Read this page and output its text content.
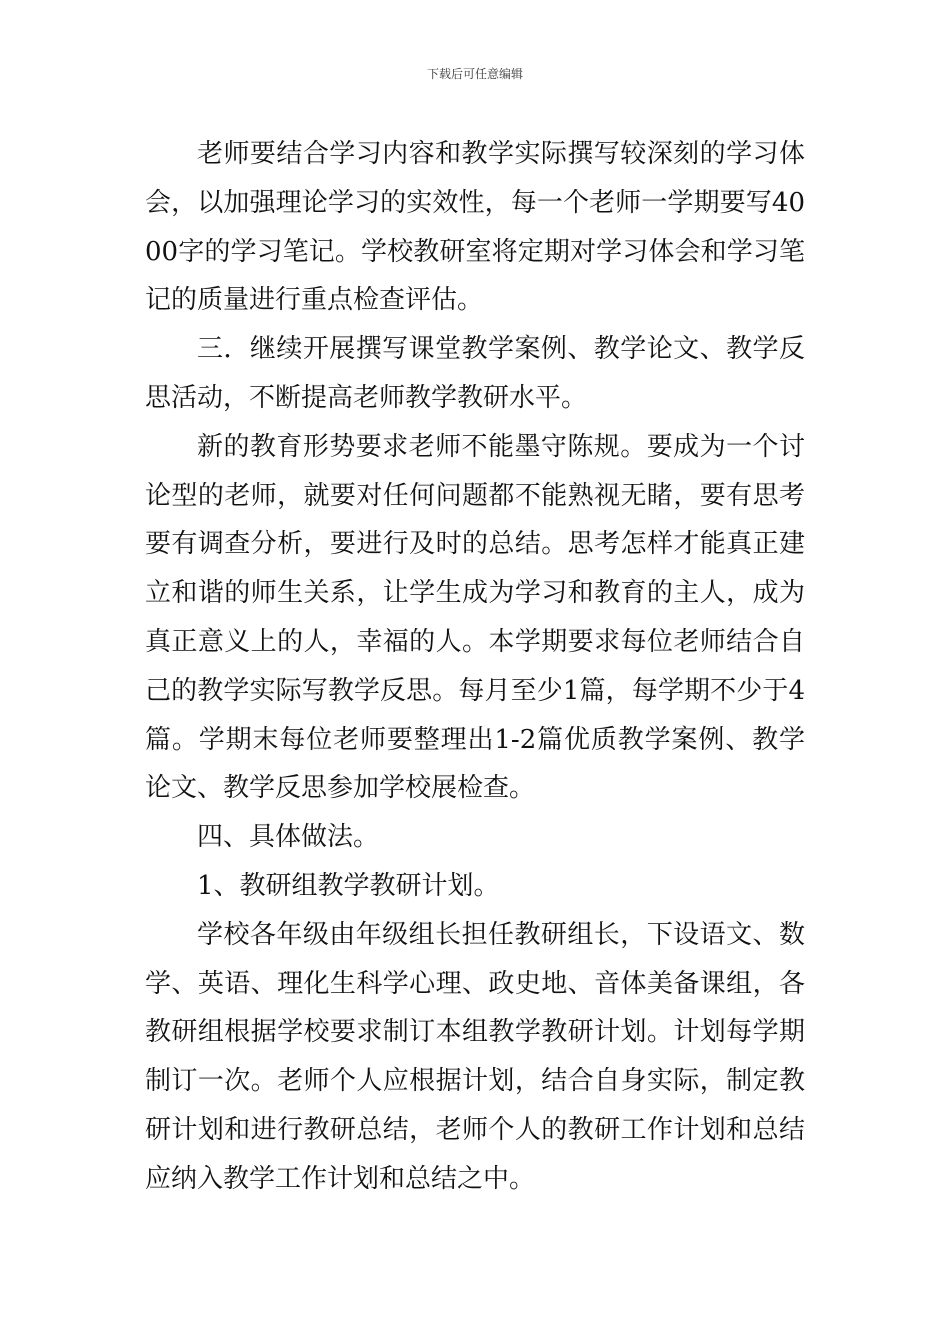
下载后可任意编辑

老师要结合学习内容和教学实际撰写较深刻的学习体会，以加强理论学习的实效性，每一个老师一学期要写4000字的学习笔记。学校教研室将定期对学习体会和学习笔记的质量进行重点检查评估。

三．继续开展撰写课堂教学案例、教学论文、教学反思活动，不断提高老师教学教研水平。

新的教育形势要求老师不能墨守陈规。要成为一个讨论型的老师，就要对任何问题都不能熟视无睹，要有思考要有调查分析，要进行及时的总结。思考怎样才能真正建立和谐的师生关系，让学生成为学习和教育的主人，成为真正意义上的人，幸福的人。本学期要求每位老师结合自己的教学实际写教学反思。每月至少1篇，每学期不少于4篇。学期末每位老师要整理出1-2篇优质教学案例、教学论文、教学反思参加学校展检查。

四、具体做法。

1、教研组教学教研计划。

学校各年级由年级组长担任教研组长，下设语文、数学、英语、理化生科学心理、政史地、音体美备课组，各教研组根据学校要求制订本组教学教研计划。计划每学期制订一次。老师个人应根据计划，结合自身实际，制定教研计划和进行教研总结，老师个人的教研工作计划和总结应纳入教学工作计划和总结之中。
